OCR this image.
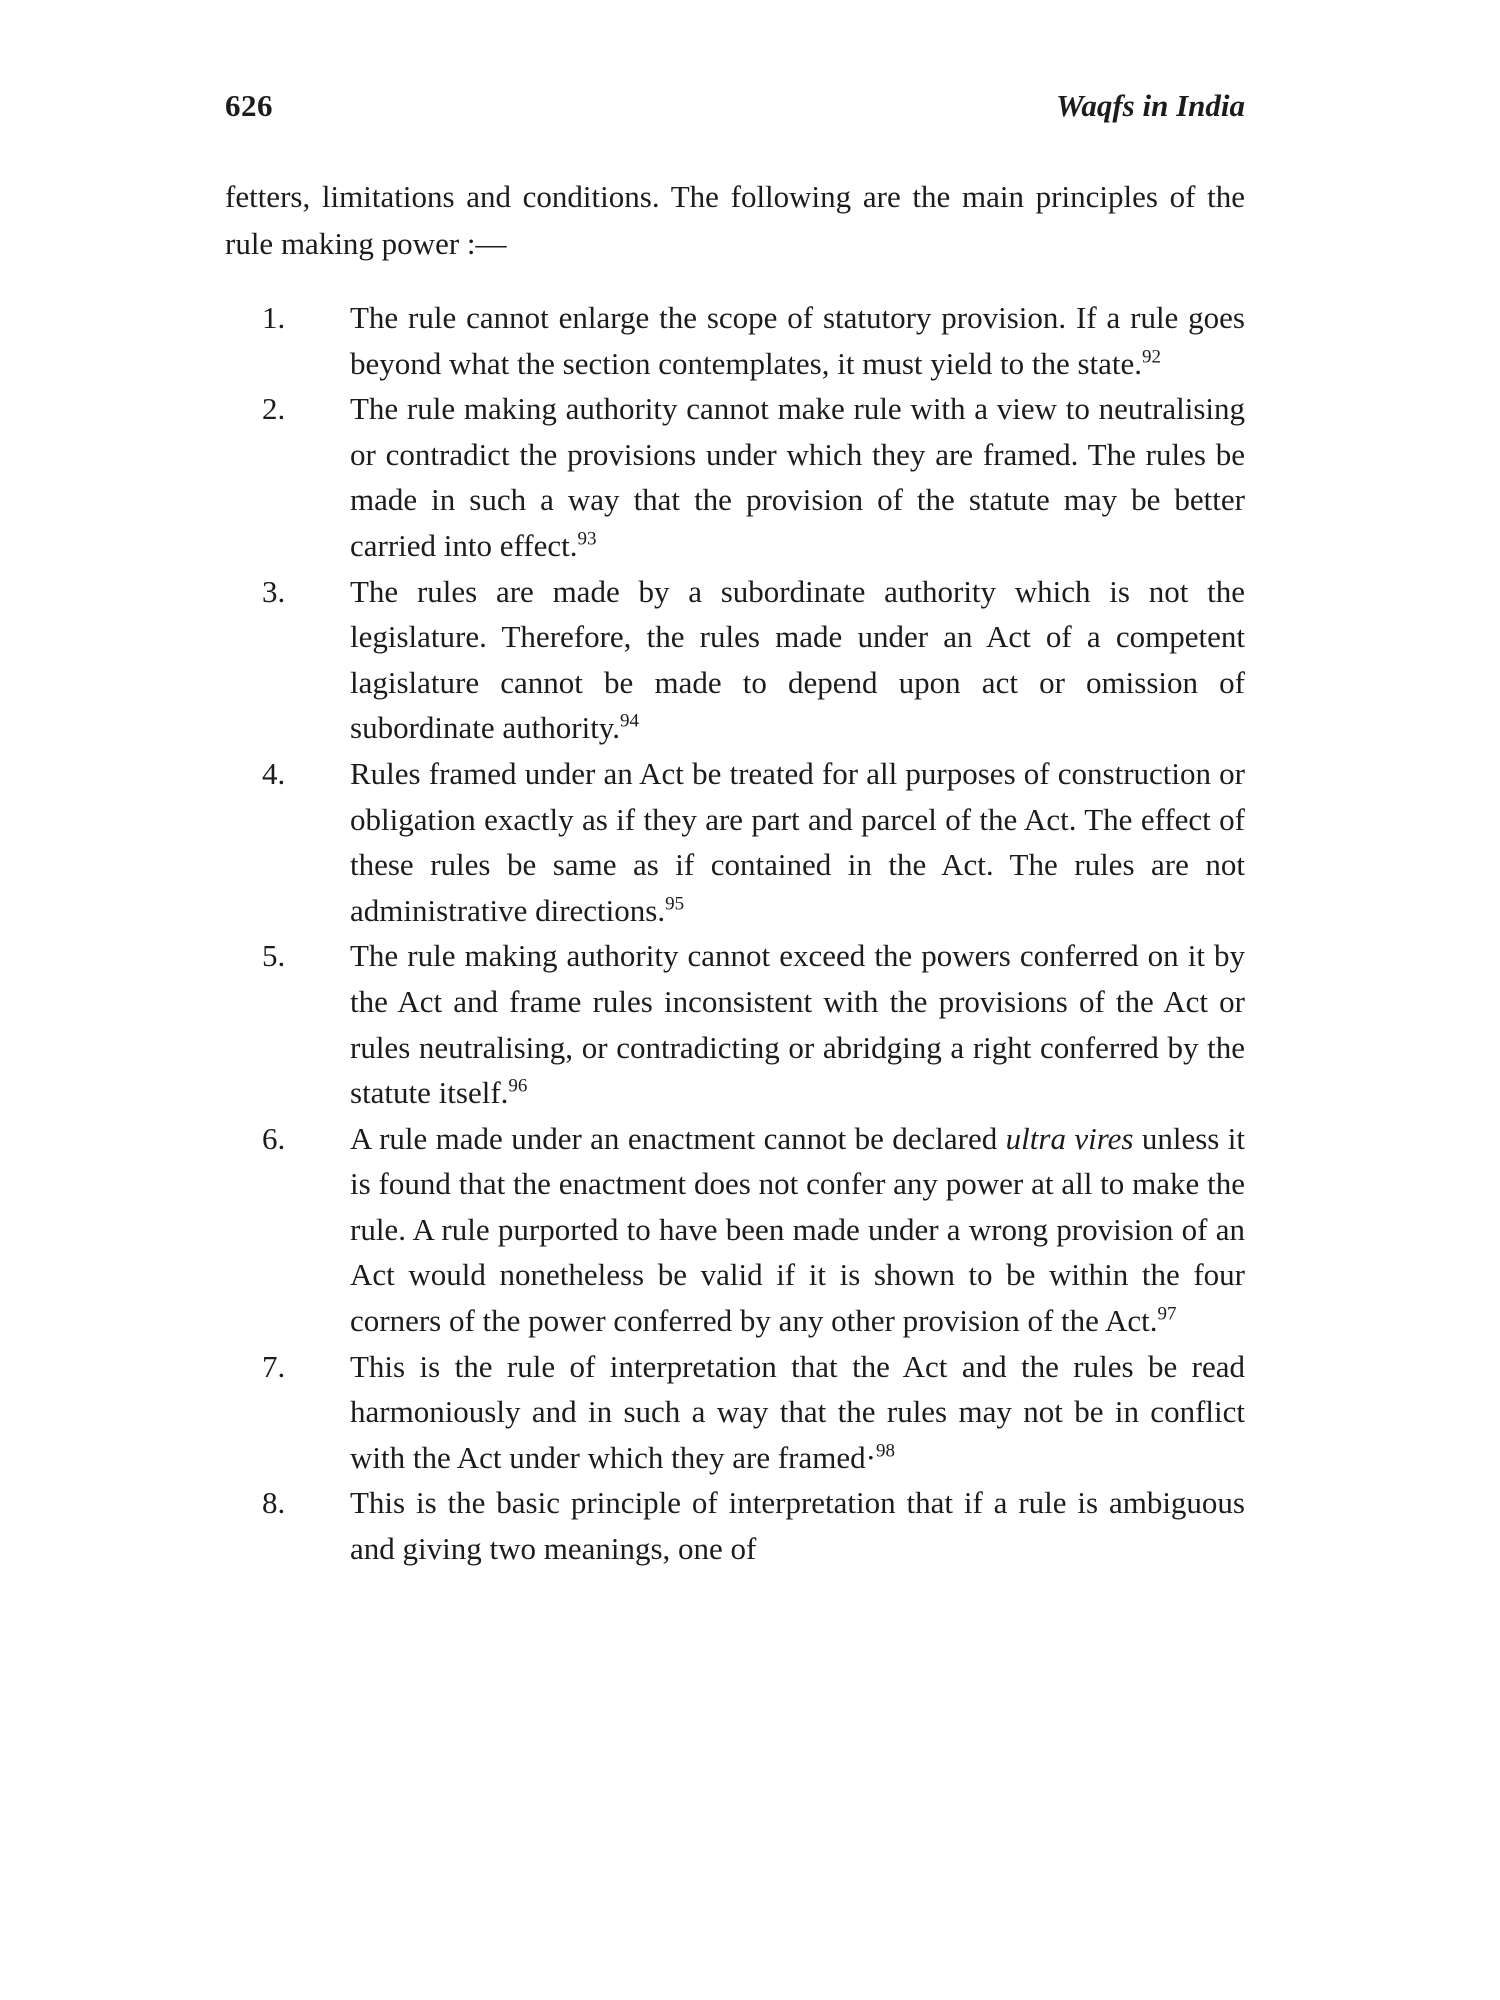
626	Waqfs in India

fetters, limitations and conditions. The following are the main principles of the rule making power :—

1. The rule cannot enlarge the scope of statutory provision. If a rule goes beyond what the section contemplates, it must yield to the state.$^{92}$
2. The rule making authority cannot make rule with a view to neutralising or contradict the provisions under which they are framed. The rules be made in such a way that the provision of the statute may be better carried into effect.$^{93}$
3. The rules are made by a subordinate authority which is not the legislature. Therefore, the rules made under an Act of a competent lagislature cannot be made to depend upon act or omission of subordinate authority.$^{94}$
4. Rules framed under an Act be treated for all purposes of construction or obligation exactly as if they are part and parcel of the Act. The effect of these rules be same as if contained in the Act. The rules are not administrative directions.$^{95}$
5. The rule making authority cannot exceed the powers conferred on it by the Act and frame rules inconsistent with the provisions of the Act or rules neutralising, or contradicting or abridging a right conferred by the statute itself.$^{96}$
6. A rule made under an enactment cannot be declared ultra vires unless it is found that the enactment does not confer any power at all to make the rule. A rule purported to have been made under a wrong provision of an Act would nonetheless be valid if it is shown to be within the four corners of the power conferred by any other provision of the Act.$^{97}$
7. This is the rule of interpretation that the Act and the rules be read harmoniously and in such a way that the rules may not be in conflict with the Act under which they are framed·$^{98}$
8. This is the basic principle of interpretation that if a rule is ambiguous and giving two meanings, one of
